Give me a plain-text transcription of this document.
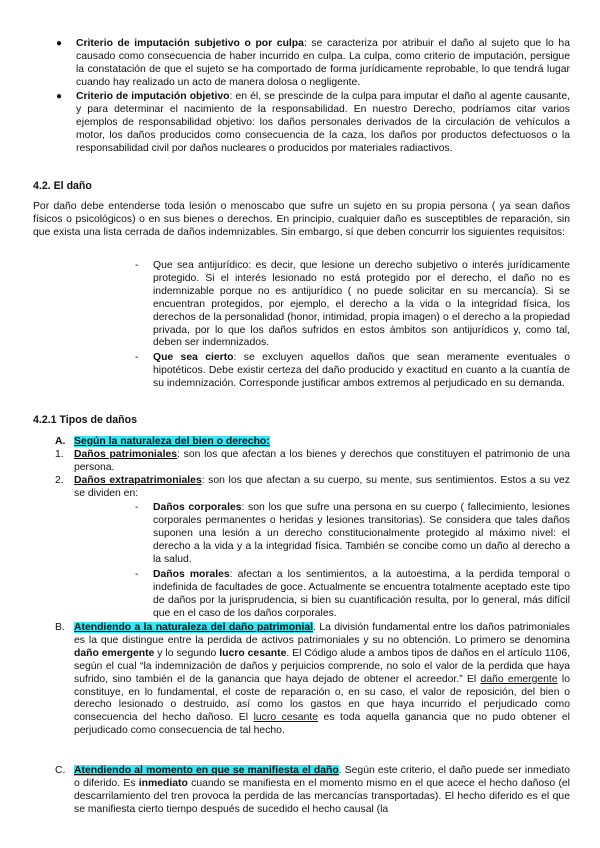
● Criterio de imputación subjetivo o por culpa: se caracteriza por atribuir el daño al sujeto que lo ha causado como consecuencia de haber incurrido en culpa. La culpa, como criterio de imputación, persigue la constatación de que el sujeto se ha comportado de forma jurídicamente reprobable, lo que tendrá lugar cuando hay realizado un acto de manera dolosa o negligente.

● Criterio de imputación objetivo: en él, se prescinde de la culpa para imputar el daño al agente causante, y para determinar el nacimiento de la responsabilidad. En nuestro Derecho, podríamos citar varios ejemplos de responsabilidad objetivo: los daños personales derivados de la circulación de vehículos a motor, los daños producidos como consecuencia de la caza, los daños por productos defectuosos o la responsabilidad civil por daños nucleares o producidos por materiales radiactivos.

4.2. El daño

Por daño debe entenderse toda lesión o menoscabo que sufre un sujeto en su propia persona ( ya sean daños físicos o psicológicos) o en sus bienes o derechos. En principio, cualquier daño es susceptibles de reparación, sin que exista una lista cerrada de daños indemnizables. Sin embargo, sí que deben concurrir los siguientes requisitos:

- Que sea antijurídico: es decir, que lesione un derecho subjetivo o interés jurídicamente protegido. Si el interés lesionado no está protegido por el derecho, el daño no es indemnizable porque no es antijurídico ( no puede solicitar en su mercancía). Si se encuentran protegidos, por ejemplo, el derecho a la vida o la integridad física, los derechos de la personalidad (honor, intimidad, propia imagen) o el derecho a la propiedad privada, por lo que los daños sufridos en estos ámbitos son antijurídicos y, como tal, deben ser indemnizados.

- Que sea cierto: se excluyen aquellos daños que sean meramente eventuales o hipotéticos. Debe existir certeza del daño producido y exactitud en cuanto a la cuantía de su indemnización. Corresponde justificar ambos extremos al perjudicado en su demanda.

4.2.1 Tipos de daños
A. Según la naturaleza del bien o derecho:

1. Daños patrimoniales: son los que afectan a los bienes y derechos que constituyen el patrimonio de una persona.

2. Daños extrapatrimoniales: son los que afectan a su cuerpo, su mente, sus sentimientos. Estos a su vez se dividen en:

- Daños corporales: son los que sufre una persona en su cuerpo ( fallecimiento, lesiones corporales permanentes o heridas y lesiones transitorias). Se considera que tales daños suponen una lesión a un derecho constitucionalmente protegido al máximo nivel: el derecho a la vida y a la integridad física. También se concibe como un daño al derecho a la salud.

- Daños morales: afectan a los sentimientos, a la autoestima, a la perdida temporal o indefinida de facultades de goce. Actualmente se encuentra totalmente aceptado este tipo de daños por la jurisprudencia, si bien su cuantificación resulta, por lo general, más difícil que en el caso de los daños corporales.

B. Atendiendo a la naturaleza del daño patrimonial. La división fundamental entre los daños patrimoniales es la que distingue entre la perdida de activos patrimoniales y su no obtención. Lo primero se denomina daño emergente y lo segundo lucro cesante. El Código alude a ambos tipos de daños en el artículo 1106, según el cual “la indemnización de daños y perjuicios comprende, no solo el valor de la perdida que haya sufrido, sino también el de la ganancia que haya dejado de obtener el acreedor.” El daño emergente lo constituye, en lo fundamental, el coste de reparación o, en su caso, el valor de reposición, del bien o derecho lesionado o destruido, así como los gastos en que haya incurrido el perjudicado como consecuencia del hecho dañoso. El lucro cesante es toda aquella ganancia que no pudo obtener el perjudicado como consecuencia de tal hecho.

C. Atendiendo al momento en que se manifiesta el daño. Según este criterio, el daño puede ser inmediato o diferido. Es inmediato cuando se manifiesta en el momento mismo en el que acece el hecho dañoso (el descarrilamiento del tren provoca la perdida de las mercancías transportadas). El hecho diferido es el que se manifiesta cierto tiempo después de sucedido el hecho causal (la
